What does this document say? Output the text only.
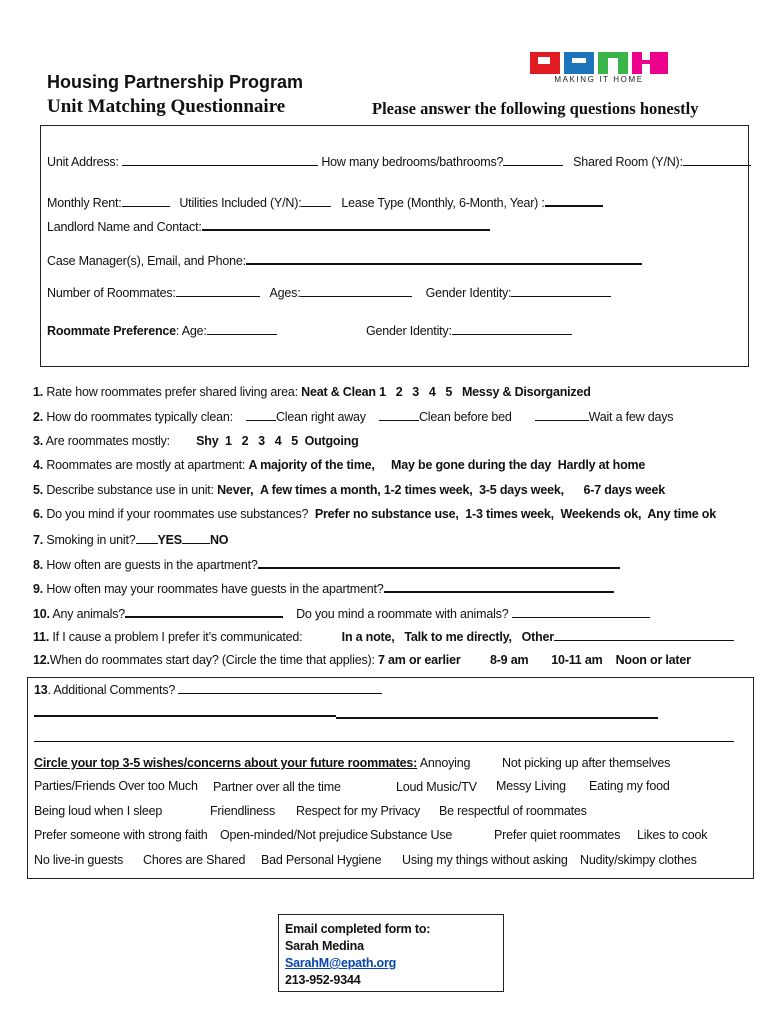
MAKING IT HOME
Housing Partnership Program
Unit Matching Questionnaire	Please answer the following questions honestly
Unit Address:	How many bedrooms/bathrooms?	Shared Room (Y/N):
Monthly Rent:	Utilities Included (Y/N):	Lease Type (Monthly, 6-Month, Year) :
Landlord Name and Contact:
Case Manager(s), Email, and Phone:
Number of Roommates:	Ages:	Gender Identity:
Roommate Preference: Age:	Gender Identity:
1. Rate how roommates prefer shared living area: Neat & Clean 1   2   3   4   5   Messy & Disorganized
2. How do roommates typically clean:	Clean right away	Clean before bed	Wait a few days
3. Are roommates mostly: Shy  1   2   3   4   5  Outgoing
4. Roommates are mostly at apartment: A majority of the time, May be gone during the day Hardly at home
5. Describe substance use in unit: Never, A few times a month, 1-2 times week, 3-5 days week, 6-7 days week
6. Do you mind if your roommates use substances? Prefer no substance use,  1-3 times week,  Weekends ok,  Any time ok
7. Smoking in unit? YES NO
8. How often are guests in the apartment?
9. How often may your roommates have guests in the apartment?
10. Any animals?	Do you mind a roommate with animals?
11. If I cause a problem I prefer it’s communicated:	In a note, Talk to me directly, Other
12.When do roommates start day? (Circle the time that applies): 7 am or earlier 8-9 am 10-11 am Noon or later
13. Additional Comments?
Circle your top 3-5 wishes/concerns about your future roommates: Annoying	Not picking up after themselves
Parties/Friends Over too Much Partner over all the time	Loud Music/TV Messy Living Eating my food
Being loud when I sleep	Friendliness Respect for my Privacy Be respectful of roommates
Prefer someone with strong faith Open-minded/Not prejudice Substance Use	Prefer quiet roommates Likes to cook
No live-in guests Chores are Shared Bad Personal Hygiene Using my things without asking Nudity/skimpy clothes
Email completed form to:
Sarah Medina
SarahM@epath.org
213-952-9344
